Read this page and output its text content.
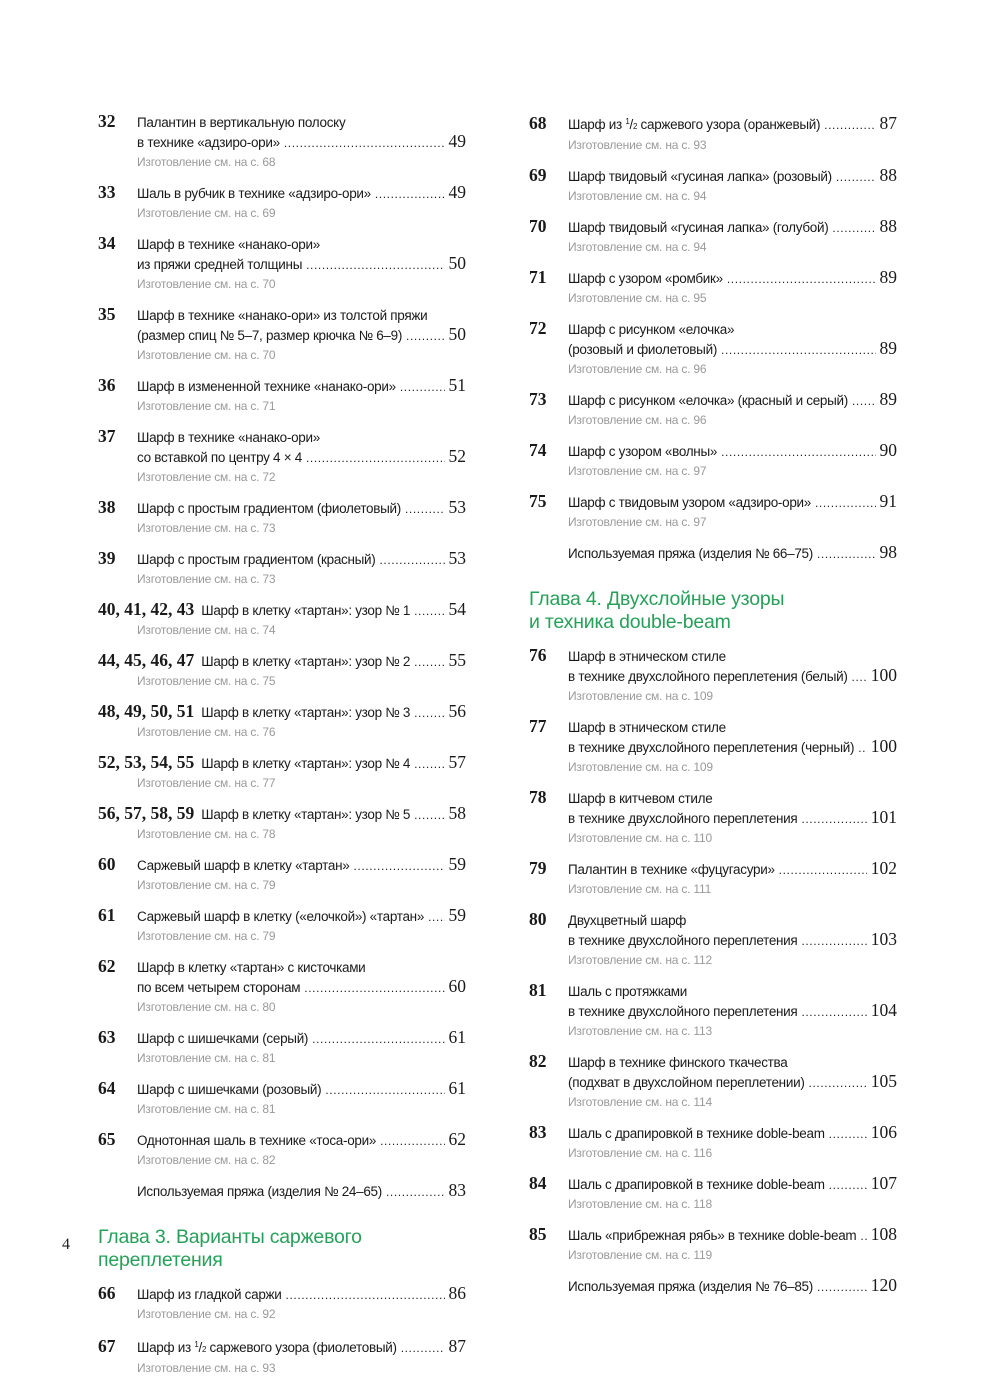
32	Палантин в вертикальную полоску
в технике «адзиро-ори» .....	49
Изготовление см. на с. 68
33	Шаль в рубчик в технике «адзиро-ори» .....	49
Изготовление см. на с. 69
34	Шарф в технике «нанако-ори»
из пряжи средней толщины .....	50
Изготовление см. на с. 70
35	Шарф в технике «нанако-ори» из толстой пряжи
(размер спиц № 5–7, размер крючка № 6–9) .....	50
Изготовление см. на с. 70
36	Шарф в измененной технике «нанако-ори» .....	51
Изготовление см. на с. 71
37	Шарф в технике «нанако-ори»
со вставкой по центру 4 × 4 .....	52
Изготовление см. на с. 72
38	Шарф с простым градиентом (фиолетовый) .....	53
Изготовление см. на с. 73
39	Шарф с простым градиентом (красный) .....	53
Изготовление см. на с. 73
40, 41, 42, 43 Шарф в клетку «тартан»: узор № 1 ..... 54
Изготовление см. на с. 74
44, 45, 46, 47 Шарф в клетку «тартан»: узор № 2 ..... 55
Изготовление см. на с. 75
48, 49, 50, 51 Шарф в клетку «тартан»: узор № 3 ..... 56
Изготовление см. на с. 76
52, 53, 54, 55 Шарф в клетку «тартан»: узор № 4 ..... 57
Изготовление см. на с. 77
56, 57, 58, 59 Шарф в клетку «тартан»: узор № 5 ..... 58
Изготовление см. на с. 78
60	Саржевый шарф в клетку «тартан» .....	59
Изготовление см. на с. 79
61	Саржевый шарф в клетку («елочкой») «тартан» ..... 59
Изготовление см. на с. 79
62	Шарф в клетку «тартан» с кисточками
по всем четырем сторонам .....	60
Изготовление см. на с. 80
63	Шарф с шишечками (серый) .....	61
Изготовление см. на с. 81
64	Шарф с шишечками (розовый) .....	61
Изготовление см. на с. 81
65	Однотонная шаль в технике «тоса-ори» .....	62
Изготовление см. на с. 82
Используемая пряжа (изделия № 24–65) .....	83
Глава 3. Варианты саржевого
переплетения
66	Шарф из гладкой саржи .....	86
Изготовление см. на с. 92
67	Шарф из $^1$/2 саржевого узора (фиолетовый) .....	87
Изготовление см. на с. 93
68	Шарф из $^1$/2 саржевого узора (оранжевый) .....	87
Изготовление см. на с. 93
69	Шарф твидовый «гусиная лапка» (розовый) .....	88
Изготовление см. на с. 94
70	Шарф твидовый «гусиная лапка» (голубой) .....	88
Изготовление см. на с. 94
71	Шарф с узором «ромбик» .....	89
Изготовление см. на с. 95
72	Шарф с рисунком «елочка»
(розовый и фиолетовый) .....	89
Изготовление см. на с. 96
73	Шарф с рисунком «елочка» (красный и серый) ..... 89
Изготовление см. на с. 96
74	Шарф с узором «волны» .....	90
Изготовление см. на с. 97
75	Шарф с твидовым узором «адзиро-ори» .....	91
Изготовление см. на с. 97
Используемая пряжа (изделия № 66–75) .....	98
Глава 4. Двухслойные узоры
и техника double-beam
76	Шарф в этническом стиле
в технике двухслойного переплетения (белый) ..... 100
Изготовление см. на с. 109
77	Шарф в этническом стиле
в технике двухслойного переплетения (черный) ..... 100
Изготовление см. на с. 109
78	Шарф в китчевом стиле
в технике двухслойного переплетения .....	101
Изготовление см. на с. 110
79	Палантин в технике «фуцугасури» .....	102
Изготовление см. на с. 111
80	Двухцветный шарф
в технике двухслойного переплетения .....	103
Изготовление см. на с. 112
81	Шаль с протяжками
в технике двухслойного переплетения .....	104
Изготовление см. на с. 113
82	Шарф в технике финского ткачества
(подхват в двухслойном переплетении) .....	105
Изготовление см. на с. 114
83	Шаль с драпировкой в технике doble-beam .....	106
Изготовление см. на с. 116
84	Шаль с драпировкой в технике doble-beam .....	107
Изготовление см. на с. 118
85	Шаль «прибрежная рябь» в технике doble-beam ..... 108
Изготовление см. на с. 119
Используемая пряжа (изделия № 76–85) .....	120
4
